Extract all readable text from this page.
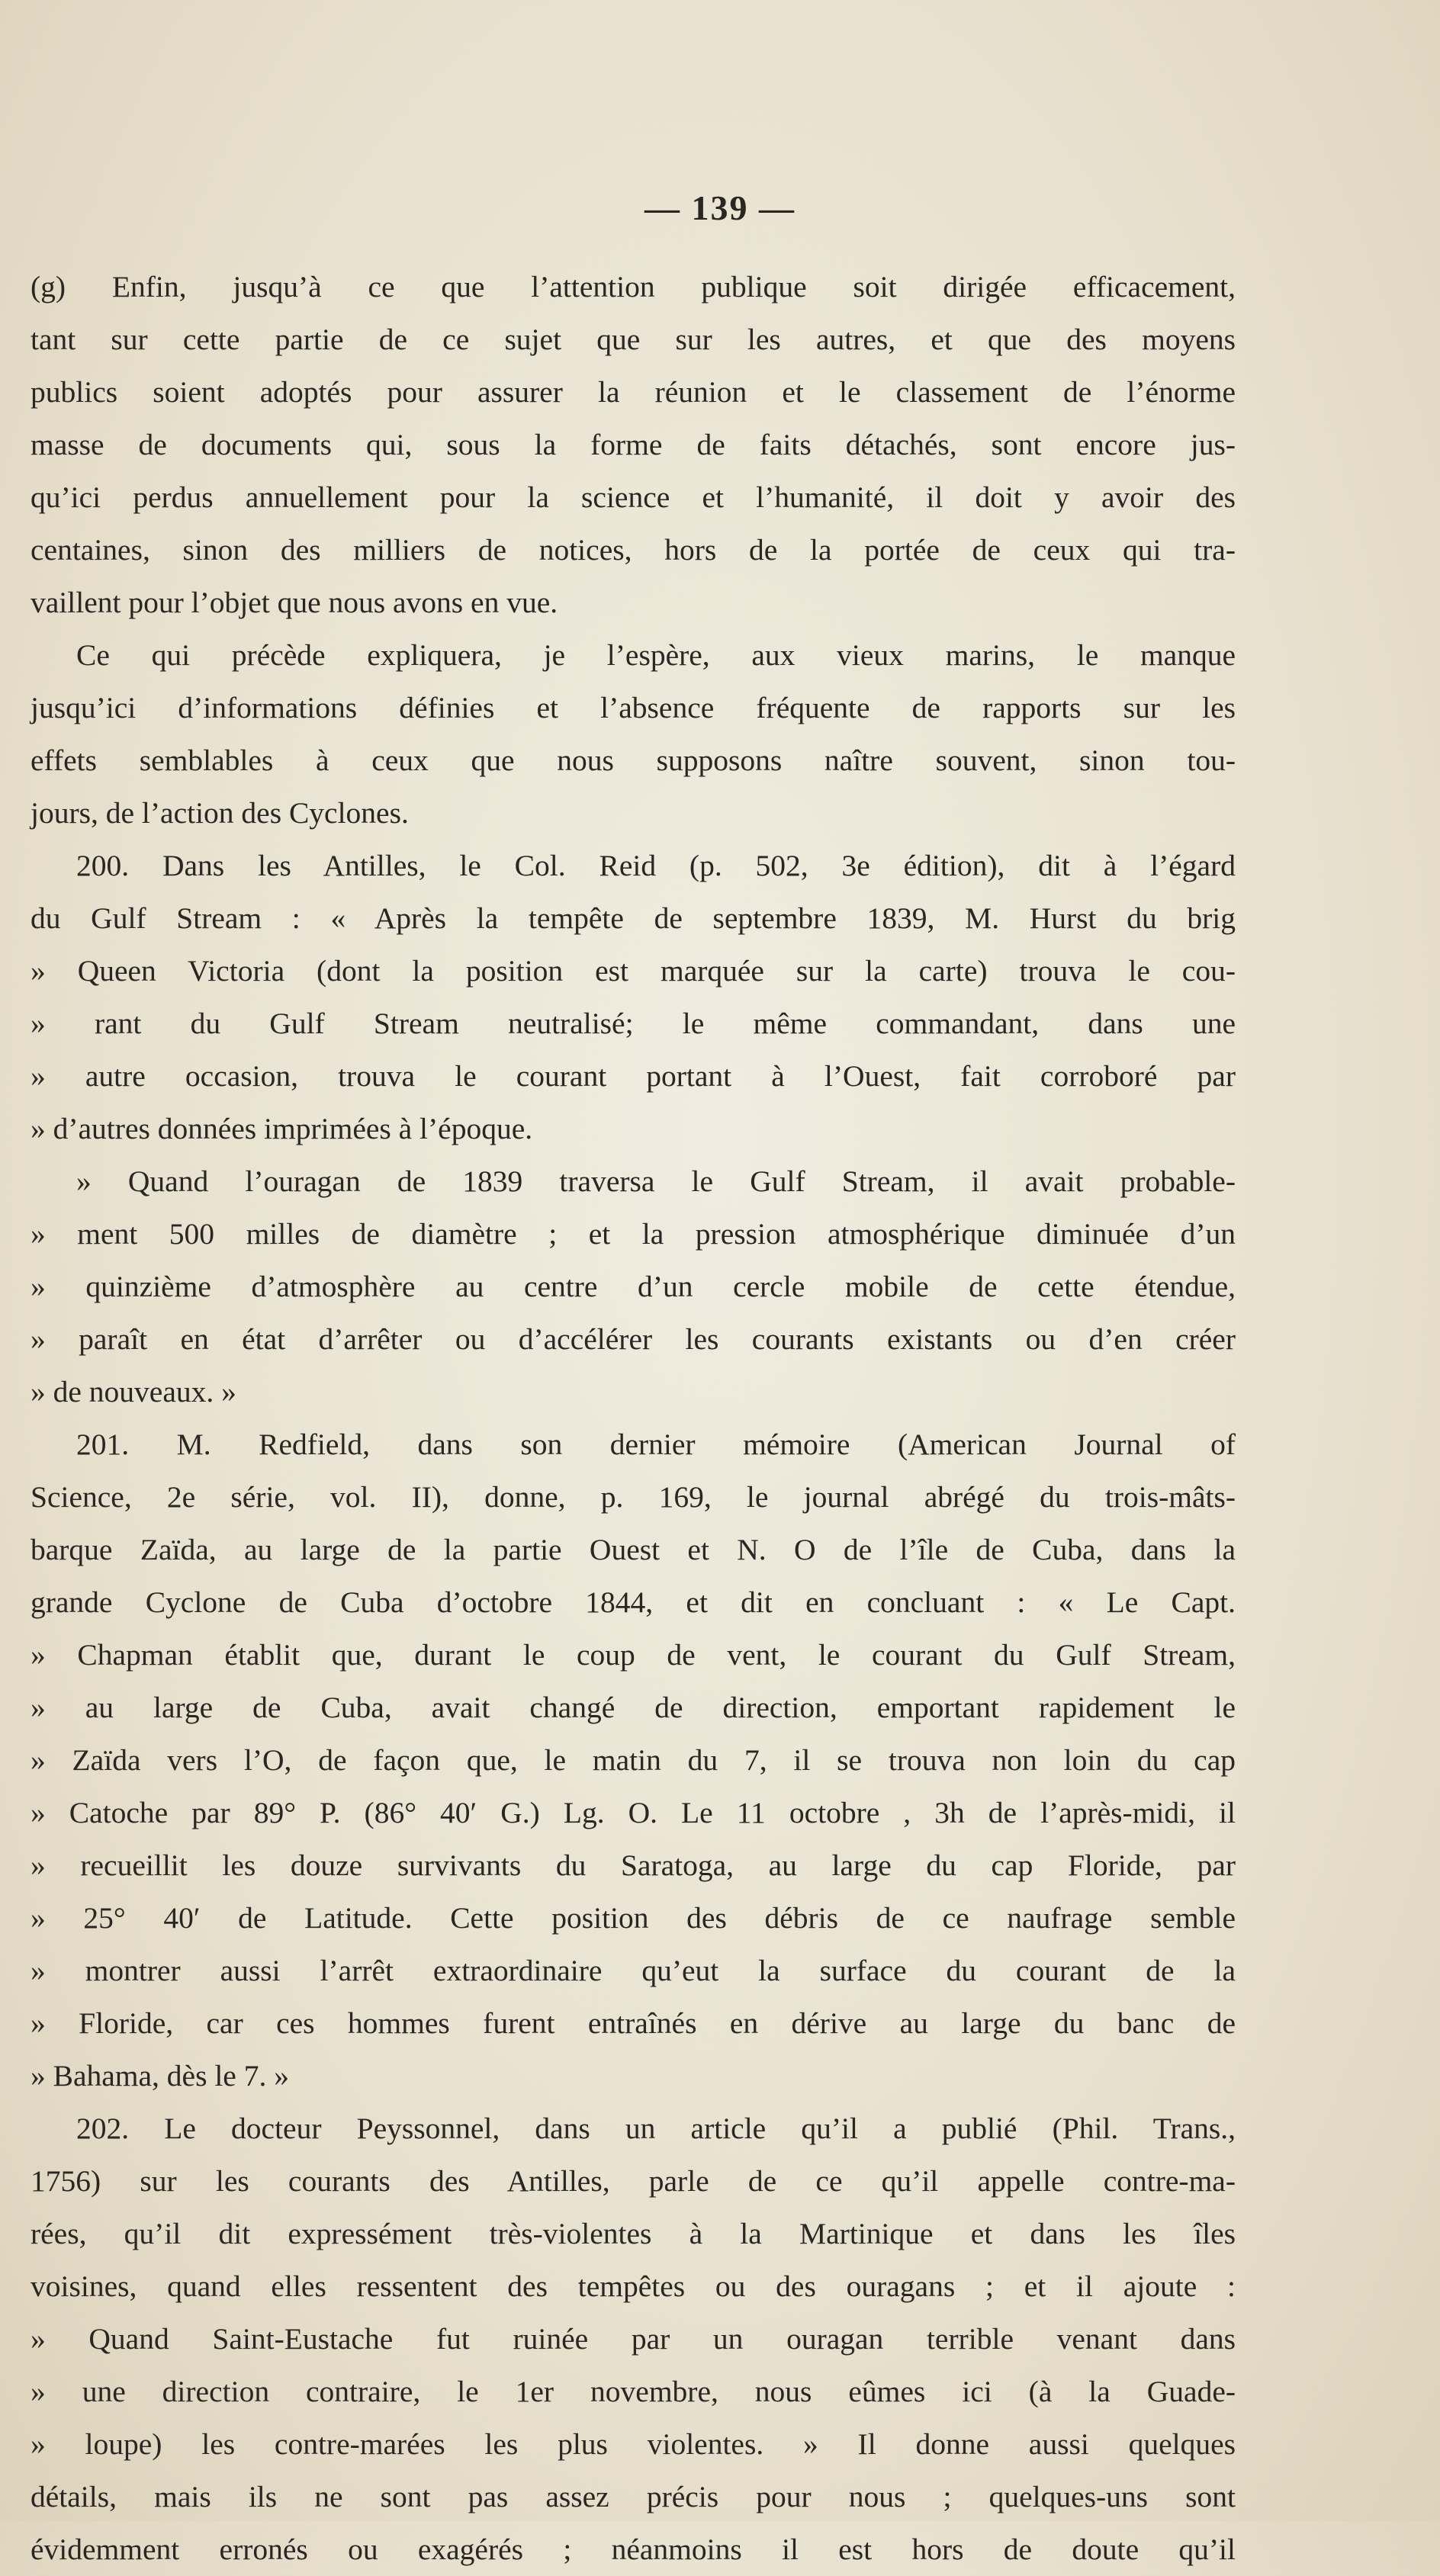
— 139 —
(g) Enfin, jusqu’à ce que l’attention publique soit dirigée efficacement,
tant sur cette partie de ce sujet que sur les autres, et que des moyens
publics soient adoptés pour assurer la réunion et le classement de l’énorme
masse de documents qui, sous la forme de faits détachés, sont encore jus-
qu’ici perdus annuellement pour la science et l’humanité, il doit y avoir des
centaines, sinon des milliers de notices, hors de la portée de ceux qui tra-
vaillent pour l’objet que nous avons en vue.
Ce qui précède expliquera, je l’espère, aux vieux marins, le manque
jusqu’ici d’informations définies et l’absence fréquente de rapports sur les
effets semblables à ceux que nous supposons naître souvent, sinon tou-
jours, de l’action des Cyclones.
200. Dans les Antilles, le Col. Reid (p. 502, 3e édition), dit à l’égard
du Gulf Stream : « Après la tempête de septembre 1839, M. Hurst du brig
» Queen Victoria (dont la position est marquée sur la carte) trouva le cou-
» rant du Gulf Stream neutralisé; le même commandant, dans une
» autre occasion, trouva le courant portant à l’Ouest, fait corroboré par
» d’autres données imprimées à l’époque.
» Quand l’ouragan de 1839 traversa le Gulf Stream, il avait probable-
» ment 500 milles de diamètre ; et la pression atmosphérique diminuée d’un
» quinzième d’atmosphère au centre d’un cercle mobile de cette étendue,
» paraît en état d’arrêter ou d’accélérer les courants existants ou d’en créer
» de nouveaux. »
201. M. Redfield, dans son dernier mémoire (American Journal of
Science, 2e série, vol. II), donne, p. 169, le journal abrégé du trois-mâts-
barque Zaïda, au large de la partie Ouest et N. O de l’île de Cuba, dans la
grande Cyclone de Cuba d’octobre 1844, et dit en concluant : « Le Capt.
» Chapman établit que, durant le coup de vent, le courant du Gulf Stream,
» au large de Cuba, avait changé de direction, emportant rapidement le
» Zaïda vers l’O, de façon que, le matin du 7, il se trouva non loin du cap
» Catoche par 89° P. (86° 40′ G.) Lg. O. Le 11 octobre , 3h de l’après-midi, il
» recueillit les douze survivants du Saratoga, au large du cap Floride, par
» 25° 40′ de Latitude. Cette position des débris de ce naufrage semble
» montrer aussi l’arrêt extraordinaire qu’eut la surface du courant de la
» Floride, car ces hommes furent entraînés en dérive au large du banc de
» Bahama, dès le 7. »
202. Le docteur Peyssonnel, dans un article qu’il a publié (Phil. Trans.,
1756) sur les courants des Antilles, parle de ce qu’il appelle contre-ma-
rées, qu’il dit expressément très-violentes à la Martinique et dans les îles
voisines, quand elles ressentent des tempêtes ou des ouragans ; et il ajoute :
» Quand Saint-Eustache fut ruinée par un ouragan terrible venant dans
» une direction contraire, le 1er novembre, nous eûmes ici (à la Guade-
» loupe) les contre-marées les plus violentes. » Il donne aussi quelques
détails, mais ils ne sont pas assez précis pour nous ; quelques-uns sont
évidemment erronés ou exagérés ; néanmoins il est hors de doute qu’il
